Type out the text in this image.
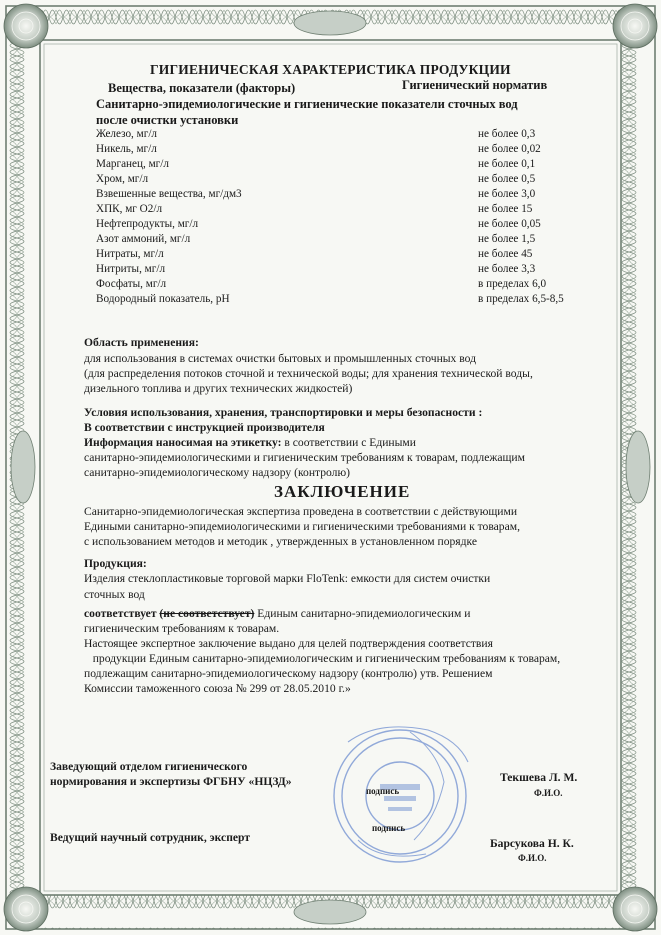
ГИГИЕНИЧЕСКАЯ ХАРАКТЕРИСТИКА ПРОДУКЦИИ
Вещества, показатели (факторы)	Гигиенический норматив
Санитарно-эпидемиологические и гигиенические показатели сточных вод
после очистки установки
Железо, мг/л	не более 0,3
Никель, мг/л	не более 0,02
Марганец, мг/л	не более 0,1
Хром, мг/л	не более 0,5
Взвешенные вещества, мг/дм3	не более 3,0
ХПК, мг О2/л	не более 15
Нефтепродукты, мг/л	не более 0,05
Азот аммоний, мг/л	не более 1,5
Нитраты, мг/л	не более 45
Нитриты, мг/л	не более 3,3
Фосфаты, мг/л	в пределах 6,0
Водородный показатель, рН	в пределах 6,5-8,5
Область применения:
для использования в системах очистки бытовых и промышленных сточных вод
(для распределения потоков сточной и технической воды; для хранения технической воды,
дизельного топлива и других технических жидкостей)
Условия использования, хранения, транспортировки и меры безопасности :
В соответствии с инструкцией производителя
Информация наносимая на этикетку: в соответствии с Едиными
санитарно-эпидемиологическими и гигиеническим требованиям к товарам, подлежащим
санитарно-эпидемиологическому надзору (контролю)
ЗАКЛЮЧЕНИЕ
Санитарно-эпидемиологическая экспертиза проведена в соответствии с действующими
Едиными санитарно-эпидемиологическими и гигиеническими требованиями к товарам,
с использованием методов и методик , утвержденных в установленном порядке
Продукция:
Изделия стеклопластиковые торговой марки FloTenk: емкости для систем очистки
сточных вод
соответствует (не соответствует) Единым санитарно-эпидемиологическим и
гигиеническим требованиям к товарам.
Настоящее экспертное заключение выдано для целей подтверждения соответствия
продукции Единым санитарно-эпидемиологическим и гигиеническим требованиям к товарам,
подлежащим санитарно-эпидемиологическому надзору (контролю) утв. Решением
Комиссии таможенного союза № 299 от 28.05.2010 г.»
Заведующий отделом гигиенического
нормирования и экспертизы ФГБНУ «НЦЗД»
подпись
Текшева Л. М.
Ф.И.О.
Ведущий научный сотрудник, эксперт
подпись
Барсукова Н. К.
Ф.И.О.
